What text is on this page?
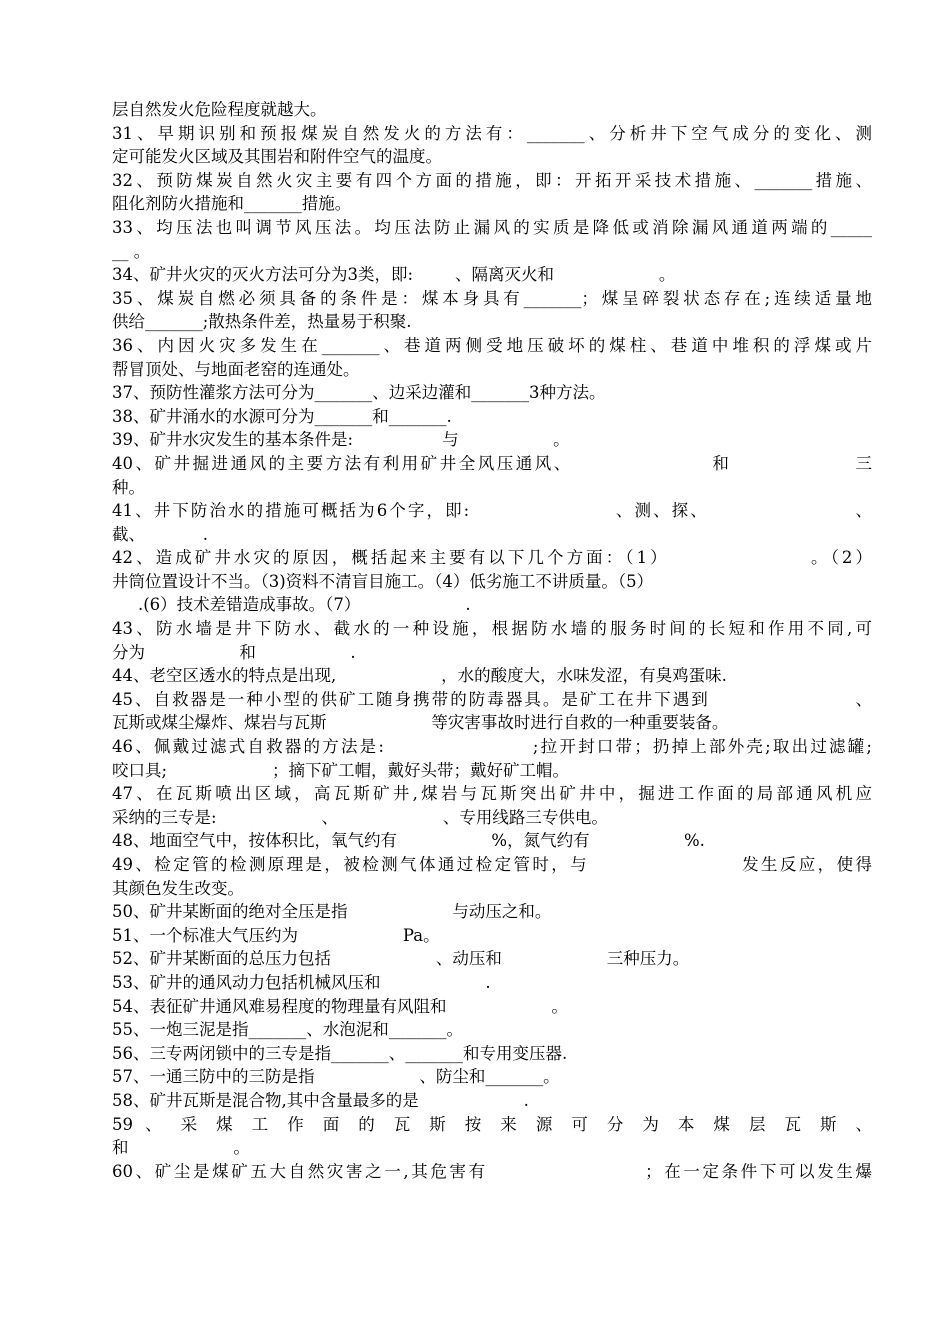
层自然发火危险程度就越大。
31、早期识别和预报煤炭自然发火的方法有：_______、分析井下空气成分的变化、测
定可能发火区域及其围岩和附件空气的温度。
32、预防煤炭自然火灾主要有四个方面的措施，即：开拓开采技术措施、_______措施、
阻化剂防火措施和_______措施。
33、均压法也叫调节风压法。均压法防止漏风的实质是降低或消除漏风通道两端的_____
__ 。
34、矿井火灾的灭火方法可分为3类，即:        、隔离灭火和                    。
35、煤炭自燃必须具备的条件是：煤本身具有_______；煤呈碎裂状态存在;连续适量地
供给_______;散热条件差，热量易于积聚.
36、内因火灾多发生在_______、巷道两侧受地压破坏的煤柱、巷道中堆积的浮煤或片
帮冒顶处、与地面老窑的连通处。
37、预防性灌浆方法可分为_______、边采边灌和_______3种方法。
38、矿井涌水的水源可分为_______和_______.
39、矿井水灾发生的基本条件是:                 与                  。
40、矿井掘进通风的主要方法有利用矿井全风压通风、                  和                三
种。
41、井下防治水的措施可概括为6个字，即:                    、测、探、                    、
截、           .
42、造成矿井水灾的原因，概括起来主要有以下几个方面：（1）                 。（2）
井筒位置设计不当。（3)资料不清盲目施工。（4）低劣施工不讲质量。（5）
.(6）技术差错造成事故。（7）                    .
43、防水墙是井下防水、截水的一种设施，根据防水墙的服务时间的长短和作用不同,可
分为                  和                  .
44、老空区透水的特点是出现,                    ，水的酸度大，水味发涩，有臭鸡蛋味.
45、自救器是一种小型的供矿工随身携带的防毒器具。是矿工在井下遇到                    、
瓦斯或煤尘爆炸、煤岩与瓦斯                    等灾害事故时进行自救的一种重要装备。
46、佩戴过滤式自救器的方法是:                    ;拉开封口带；扔掉上部外壳;取出过滤罐;
咬口具;                    ；摘下矿工帽，戴好头带；戴好矿工帽。
47、在瓦斯喷出区域，高瓦斯矿井,煤岩与瓦斯突出矿井中，掘进工作面的局部通风机应
采纳的三专是:                    、                    、专用线路三专供电。
48、地面空气中，按体积比，氧气约有                  %，氮气约有                  %.
49、检定管的检测原理是，被检测气体通过检定管时，与                    发生反应，使得
其颜色发生改变。
50、矿井某断面的绝对全压是指                    与动压之和。
51、一个标准大气压约为                    Pa。
52、矿井某断面的总压力包括                    、动压和                    三种压力。
53、矿井的通风动力包括机械风压和                    .
54、表征矿井通风难易程度的物理量有风阻和                    。
55、一炮三泥是指_______、水泡泥和_______。
56、三专两闭锁中的三专是指_______、_______和专用变压器.
57、一通三防中的三防是指                    、防尘和_______。
58、矿井瓦斯是混合物,其中含量最多的是                    .
59 、 采 煤 工 作 面 的 瓦 斯 按 来 源 可 分 为 本 煤 层 瓦 斯 、
和                    。
60、矿尘是煤矿五大自然灾害之一,其危害有                    ；在一定条件下可以发生爆
